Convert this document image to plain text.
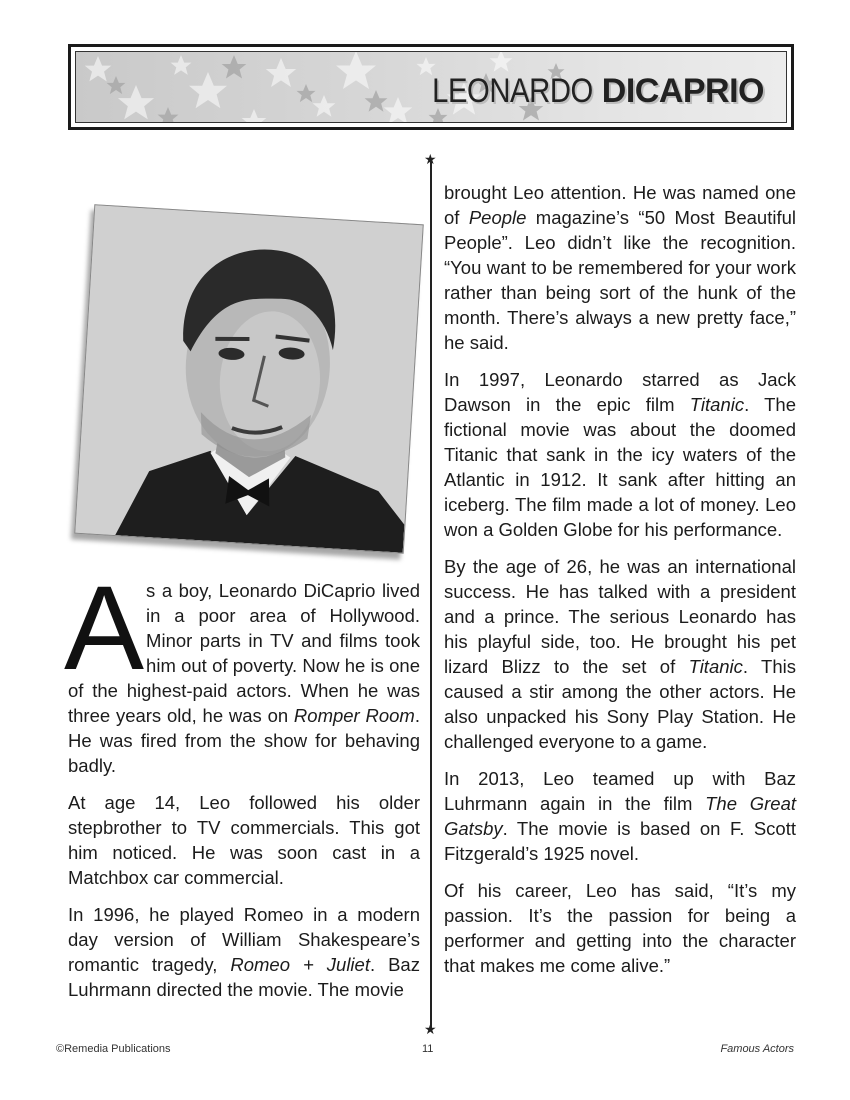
LEONARDO DICAPRIO
★
★

As a boy, Leonardo DiCaprio lived in a poor area of Hollywood. Minor parts in TV and films took him out of poverty. Now he is one of the highest-paid actors. When he was three years old, he was on Romper Room. He was fired from the show for behaving badly.

At age 14, Leo followed his older stepbrother to TV commercials. This got him noticed. He was soon cast in a Matchbox car commercial.

In 1996, he played Romeo in a modern day version of William Shakespeare’s romantic tragedy, Romeo + Juliet. Baz Luhrmann directed the movie. The movie

brought Leo attention. He was named one of People magazine’s “50 Most Beautiful People”. Leo didn’t like the recognition. “You want to be remembered for your work rather than being sort of the hunk of the month. There’s always a new pretty face,” he said.

In 1997, Leonardo starred as Jack Dawson in the epic film Titanic. The fictional movie was about the doomed Titanic that sank in the icy waters of the Atlantic in 1912. It sank after hitting an iceberg. The film made a lot of money. Leo won a Golden Globe for his performance.

By the age of 26, he was an international success. He has talked with a president and a prince. The serious Leonardo has his playful side, too. He brought his pet lizard Blizz to the set of Titanic. This caused a stir among the other actors. He also unpacked his Sony Play Station. He challenged everyone to a game.

In 2013, Leo teamed up with Baz Luhrmann again in the film The Great Gatsby. The movie is based on F. Scott Fitzgerald’s 1925 novel.

Of his career, Leo has said, “It’s my passion. It’s the passion for being a performer and getting into the character that makes me come alive.”

©Remedia Publications	11	Famous Actors
